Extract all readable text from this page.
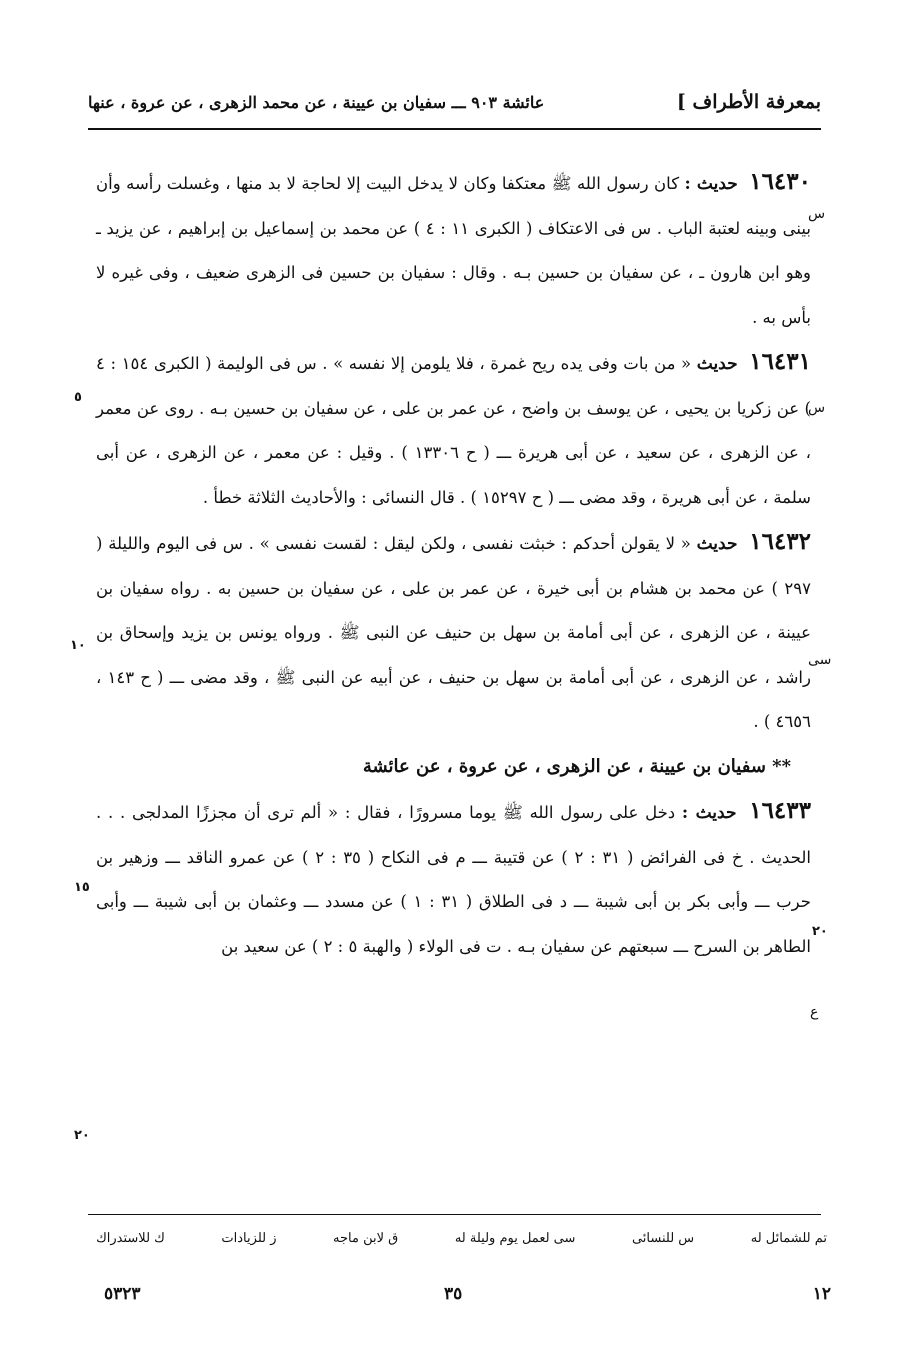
بمعرفة الأطراف ]
عائشة ٩٠٣ ـــ سفيان بن عيينة ، عن محمد الزهرى ، عن عروة ، عنها

١٦٤٣٠ حديث : كان رسول الله ﷺ معتكفا وكان لا يدخل البيت إلا لحاجة لا بد منها ، وغسلت رأسه وأن بينى وبينه لعتبة الباب . س فى الاعتكاف ( الكبرى ١١ : ٤ ) عن محمد بن إسماعيل بن إبراهيم ، عن يزيد ـ وهو ابن هارون ـ ، عن سفيان بن حسين بـه . وقال : سفيان بن حسين فى الزهرى ضعيف ، وفى غيره لا بأس به .

١٦٤٣١ حديث « من بات وفى يده ريح غمرة ، فلا يلومن إلا نفسه » . س فى الوليمة ( الكبرى ١٥٤ : ٤ ) عن زكريا بن يحيى ، عن يوسف بن واضح ، عن عمر بن على ، عن سفيان بن حسين بـه . روى عن معمر ، عن الزهرى ، عن سعيد ، عن أبى هريرة ـــ ( ح ١٣٣٠٦ ) . وقيل : عن معمر ، عن الزهرى ، عن أبى سلمة ، عن أبى هريرة ، وقد مضى ـــ ( ح ١٥٢٩٧ ) . قال النسائى : والأحاديث الثلاثة خطأ .

١٦٤٣٢ حديث « لا يقولن أحدكم : خبثت نفسى ، ولكن ليقل : لقست نفسى » . س فى اليوم والليلة ( ٢٩٧ ) عن محمد بن هشام بن أبى خيرة ، عن عمر بن على ، عن سفيان بن حسين به . رواه سفيان بن عيينة ، عن الزهرى ، عن أبى أمامة بن سهل بن حنيف عن النبى ﷺ . ورواه يونس بن يزيد وإسحاق بن راشد ، عن الزهرى ، عن أبى أمامة بن سهل بن حنيف ، عن أبيه عن النبى ﷺ ، وقد مضى ـــ ( ح ١٤٣ ، ٤٦٥٦ ) .

** سفيان بن عيينة ، عن الزهرى ، عن عروة ، عن عائشة

١٦٤٣٣ حديث : دخل على رسول الله ﷺ يوما مسرورًا ، فقال : « ألم ترى أن مجززًا المدلجى . . . الحديث . خ فى الفرائض ( ٣١ : ٢ ) عن قتيبة ـــ م فى النكاح ( ٣٥ : ٢ ) عن عمرو الناقد ـــ وزهير بن حرب ـــ وأبى بكر بن أبى شيبة ـــ د فى الطلاق ( ٣١ : ١ ) عن مسدد ـــ وعثمان بن أبى شيبة ـــ وأبى الطاهر بن السرح ـــ سبعتهم عن سفيان بـه . ت فى الولاء ( والهبة ٥ : ٢ ) عن سعيد بن

س
س
سى
ع
٥
١٠
١٥
٢٠
٢٠
تم للشمائل له
س للنسائى
سى لعمل يوم وليلة له
ق لابن ماجه
ز للزيادات
ك للاستدراك
١٢
٣٥
٥٣٢٣
